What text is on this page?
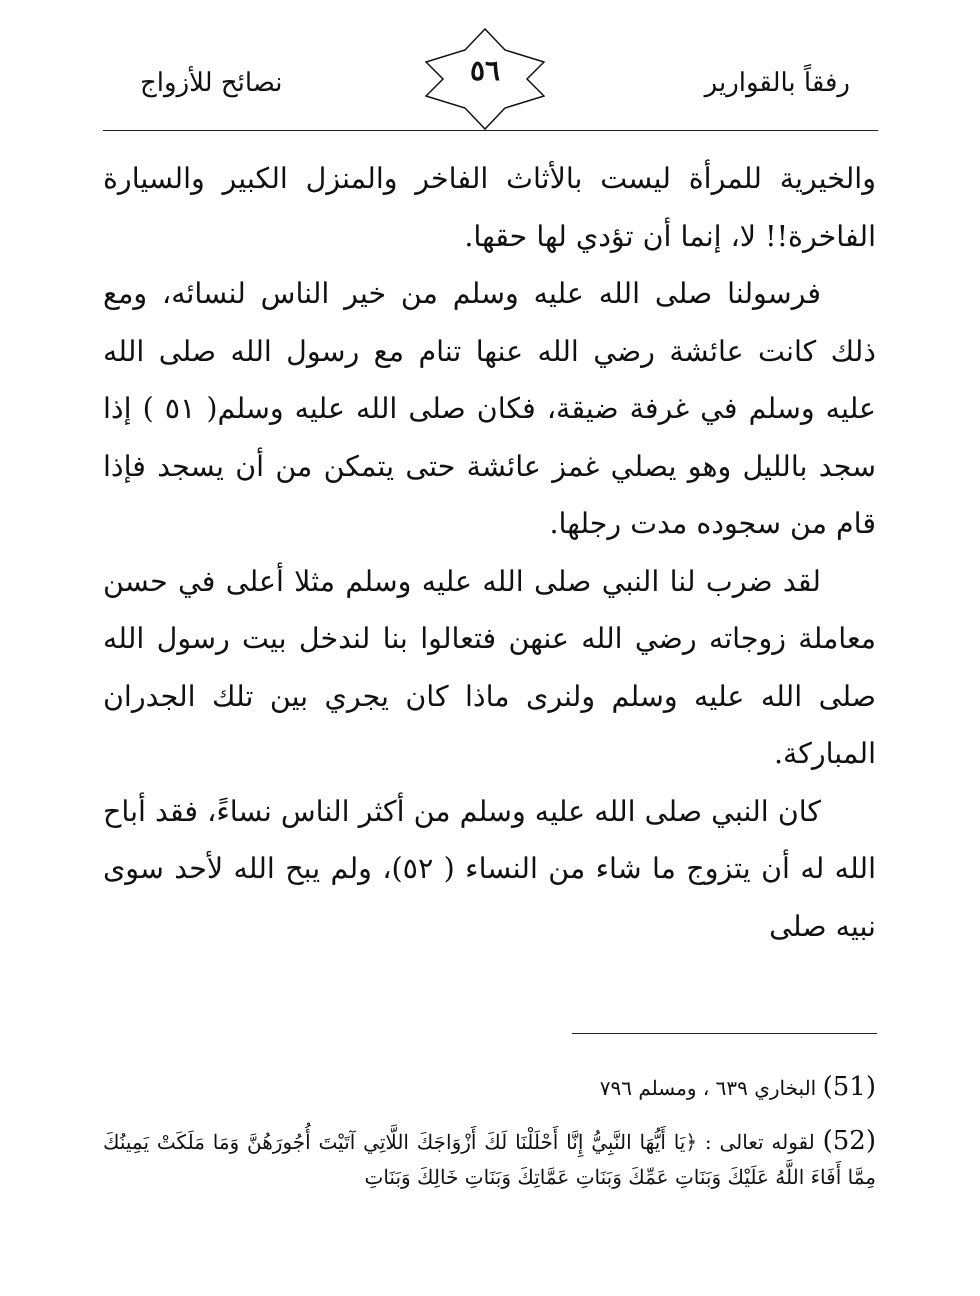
رفقاً بالقوارير
٥٦
نصائح للأزواج

والخيرية للمرأة ليست بالأثاث الفاخر والمنزل الكبير والسيارة الفاخرة!! لا، إنما أن تؤدي لها حقها.

فرسولنا صلى الله عليه وسلم من خير الناس لنسائه، ومع ذلك كانت عائشة رضي الله عنها تنام مع رسول الله صلى الله عليه وسلم في غرفة ضيقة، فكان صلى الله عليه وسلم( ٥١ ) إذا سجد بالليل وهو يصلي غمز عائشة حتى يتمكن من أن يسجد فإذا قام من سجوده مدت رجلها.

لقد ضرب لنا النبي صلى الله عليه وسلم مثلا أعلى في حسن معاملة زوجاته رضي الله عنهن فتعالوا بنا لندخل بيت رسول الله صلى الله عليه وسلم ولنرى ماذا كان يجري بين تلك الجدران المباركة.

كان النبي صلى الله عليه وسلم من أكثر الناس نساءً، فقد أباح الله له أن يتزوج ما شاء من النساء ( ٥٢)، ولم يبح الله لأحد سوى نبيه صلى

(51) البخاري ٦٣٩ ، ومسلم ٧٩٦

(52) لقوله تعالى : ﴿يَا أَيُّهَا النَّبِيُّ إِنَّا أَحْلَلْنَا لَكَ أَزْوَاجَكَ اللَّاتِي آتَيْتَ أُجُورَهُنَّ وَمَا مَلَكَتْ يَمِينُكَ مِمَّا أَفَاءَ اللَّهُ عَلَيْكَ وَبَنَاتِ عَمِّكَ وَبَنَاتِ عَمَّاتِكَ وَبَنَاتِ خَالِكَ وَبَنَاتِ
